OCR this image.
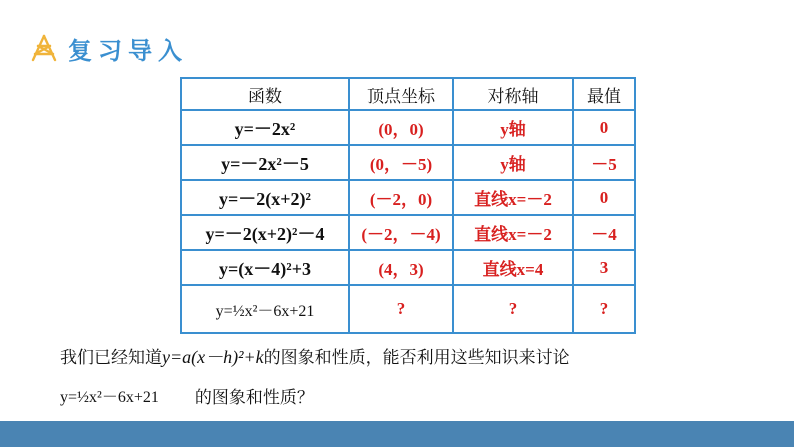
复习导入
函数	顶点坐标	对称轴	最值
y=－2x²	(0，0)	y轴	0
y=－2x²－5	(0，－5)	y轴	－5
y=－2(x+2)²	(－2，0)	直线x=－2	0
y=－2(x+2)²－4	(－2，－4)	直线x=－2	－4
y=(x－4)²+3	(4，3)	直线x=4	3
y=½x²－6x+21	?	?	?
我们已经知道y=a(x－h)²+k的图象和性质，能否利用这些知识来讨论
y=½x²－6x+21 的图象和性质？
